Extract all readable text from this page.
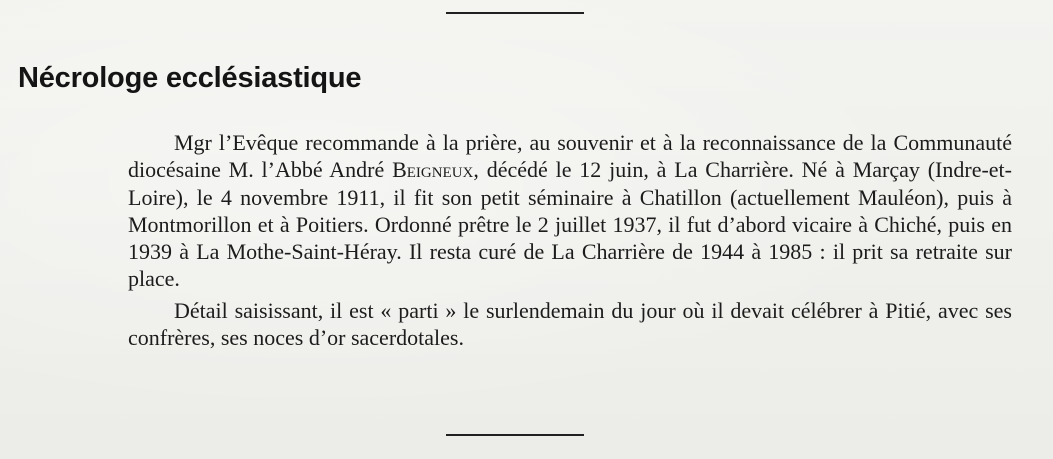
Nécrologe ecclésiastique

Mgr l’Evêque recommande à la prière, au souvenir et à la reconnaissance de la Communauté diocésaine M. l’Abbé André Beigneux, décédé le 12 juin, à La Charrière. Né à Marçay (Indre-et-Loire), le 4 novembre 1911, il fit son petit séminaire à Chatillon (actuellement Mauléon), puis à Montmorillon et à Poitiers. Ordonné prêtre le 2 juillet 1937, il fut d’abord vicaire à Chiché, puis en 1939 à La Mothe-Saint-Héray. Il resta curé de La Charrière de 1944 à 1985 : il prit sa retraite sur place.

Détail saisissant, il est « parti » le surlendemain du jour où il devait célébrer à Pitié, avec ses confrères, ses noces d’or sacerdotales.
